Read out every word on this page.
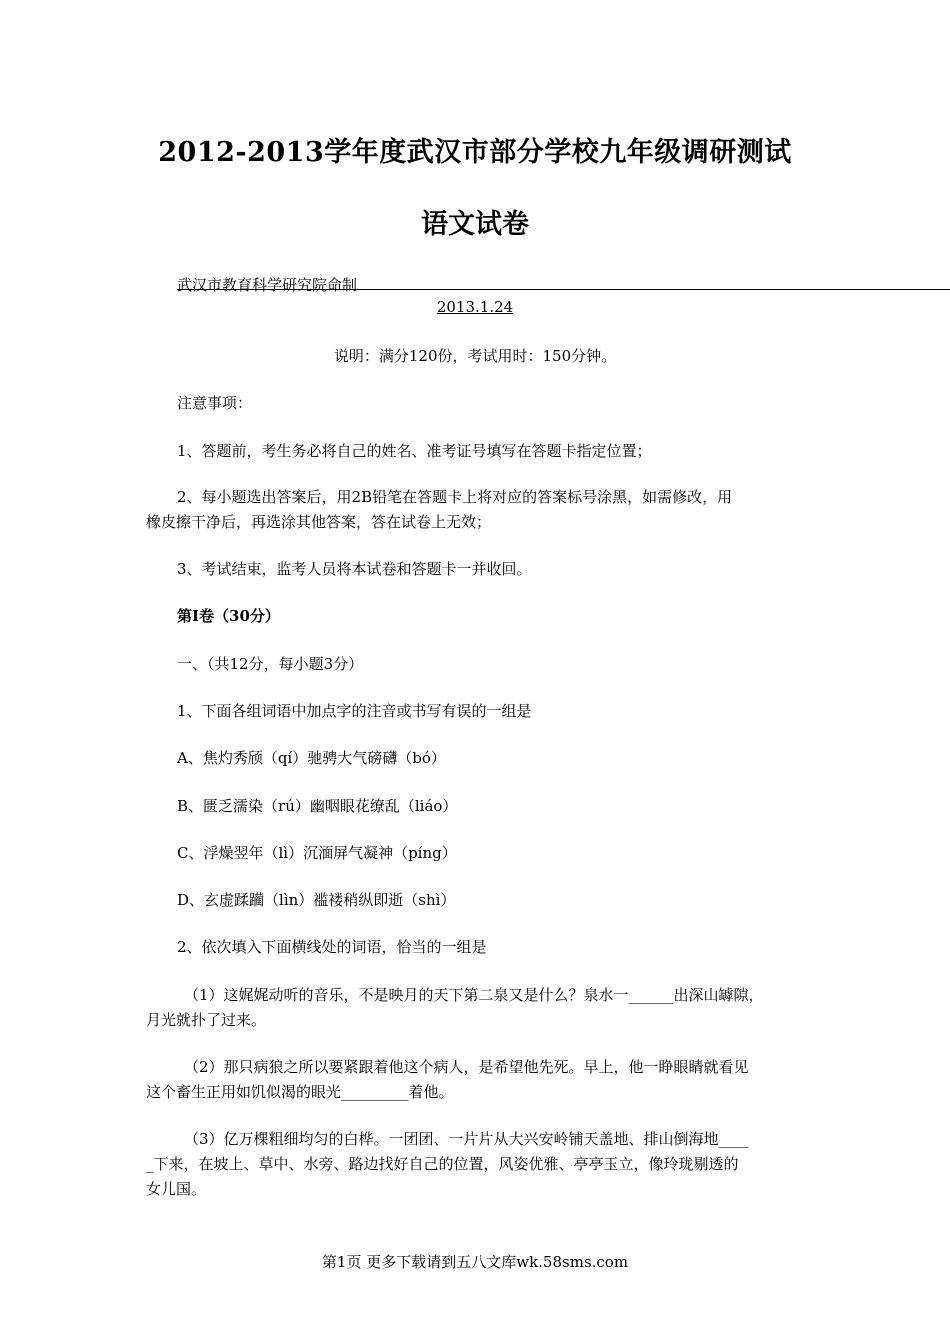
2012-2013学年度武汉市部分学校九年级调研测试
语文试卷
武汉市教育科学研究院命制
2013.1.24
说明：满分120份，考试用时：150分钟。
注意事项：
1、答题前，考生务必将自己的姓名、准考证号填写在答题卡指定位置；
2、每小题选出答案后，用2B铅笔在答题卡上将对应的答案标号涂黑，如需修改，用
橡皮擦干净后，再选涂其他答案，答在试卷上无效；
3、考试结束，监考人员将本试卷和答题卡一并收回。
第Ⅰ卷（30分）
一、（共12分，每小题3分）
1、下面各组词语中加点字的注音或书写有误的一组是
A、焦灼秀颀（qí）驰骋大气磅礴（bó）
B、匮乏濡染（rú）幽咽眼花缭乱（liáo）
C、浮燥翌年（lì）沉湎屏气凝神（píng）
D、玄虚蹂躏（lìn）褴褛稍纵即逝（shì）
2、依次填入下面横线处的词语，恰当的一组是
（1）这娓娓动听的音乐，不是映月的天下第二泉又是什么？泉水一______出深山罅隙，
月光就扑了过来。
（2）那只病狼之所以要紧跟着他这个病人，是希望他先死。早上，他一睁眼睛就看见
这个畜生正用如饥似渴的眼光_________着他。
（3）亿万棵粗细均匀的白桦。一团团、一片片从大兴安岭铺天盖地、排山倒海地____
_下来，在坡上、草中、水旁、路边找好自己的位置，风姿优雅、亭亭玉立，像玲珑剔透的
女儿国。
第1页 更多下载请到五八文库wk.58sms.com
